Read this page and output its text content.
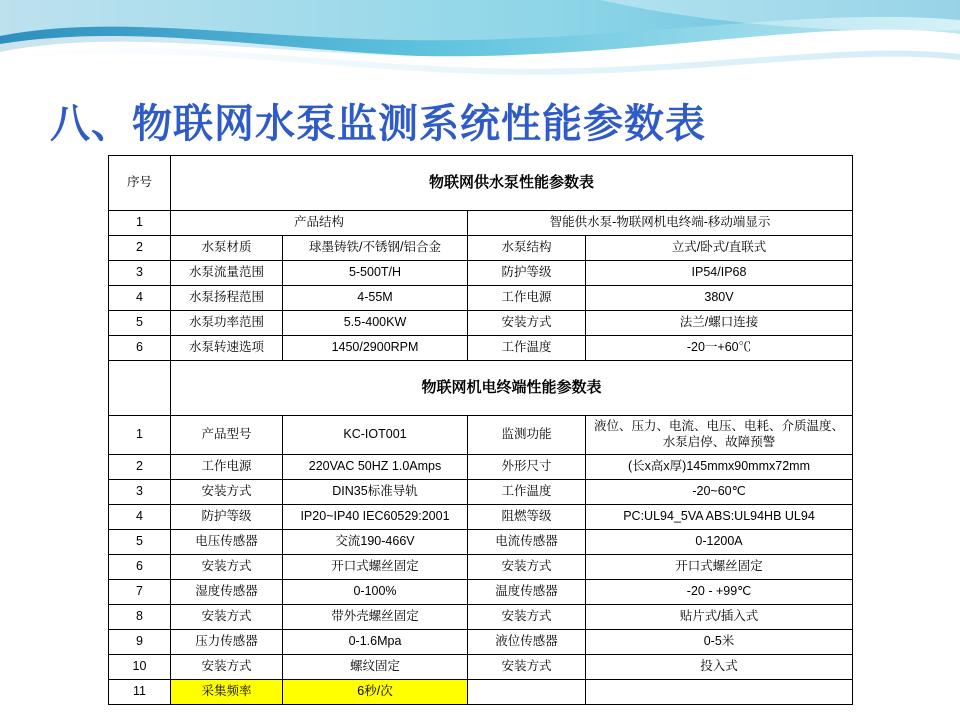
八、物联网水泵监测系统性能参数表
序号	物联网供水泵性能参数表			
1	产品结构		智能供水泵-物联网机电终端-移动端显示	
2	水泵材质	球墨铸铁/不锈钢/铝合金	水泵结构	立式/卧式/直联式
3	水泵流量范围	5-500T/H	防护等级	IP54/IP68
4	水泵扬程范围	4-55M	工作电源	380V
5	水泵功率范围	5.5-400KW	安装方式	法兰/螺口连接
6	水泵转速选项	1450/2900RPM	工作温度	-20一+60℃
	物联网机电终端性能参数表			
1	产品型号	KC-IOT001	监测功能	液位、压力、电流、电压、电耗、介质温度、水泵启停、故障预警
2	工作电源	220VAC 50HZ 1.0Amps	外形尺寸	(长x高x厚)145mmx90mmx72mm
3	安装方式	DIN35标准导轨	工作温度	-20~60℃
4	防护等级	IP20~IP40 IEC60529:2001	阻燃等级	PC:UL94_5VA ABS:UL94HB UL94
5	电压传感器	交流190-466V	电流传感器	0-1200A
6	安装方式	开口式螺丝固定	安装方式	开口式螺丝固定
7	湿度传感器	0-100%	温度传感器	-20 - +99℃
8	安装方式	带外壳螺丝固定	安装方式	贴片式/插入式
9	压力传感器	0-1.6Mpa	液位传感器	0-5米
10	安装方式	螺纹固定	安装方式	投入式
11	采集频率	6秒/次		
